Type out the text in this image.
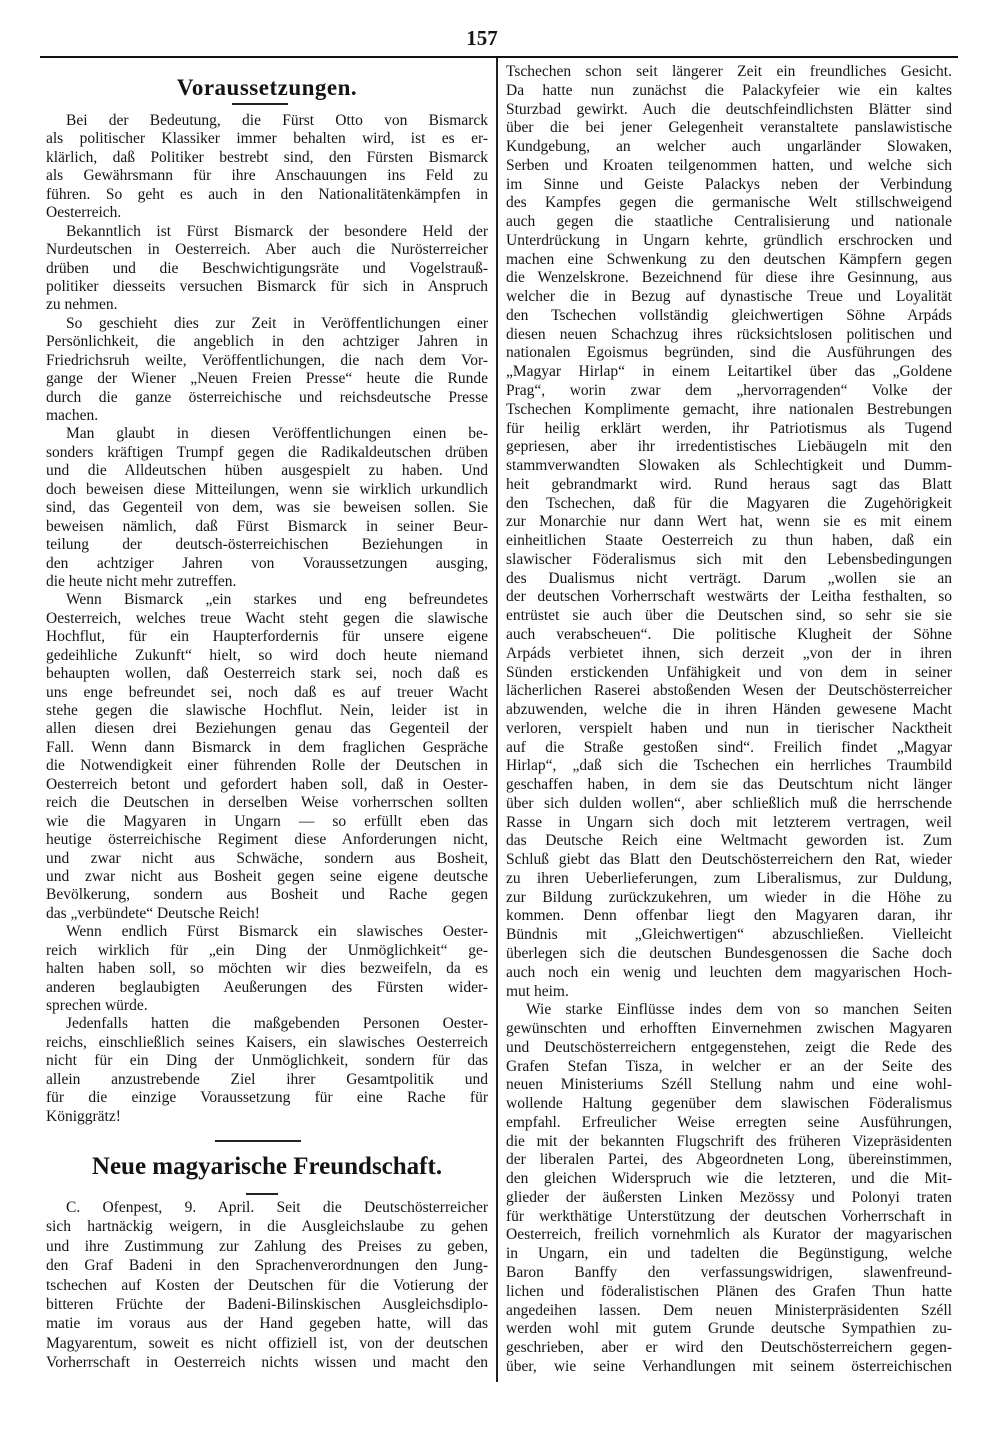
157
Voraussetzungen.
Bei der Bedeutung, die Fürst Otto von Bismarck
als politischer Klassiker immer behalten wird, ist es er-
klärlich, daß Politiker bestrebt sind, den Fürsten Bismarck
als Gewährsmann für ihre Anschauungen ins Feld zu
führen. So geht es auch in den Nationalitätenkämpfen in
Oesterreich.
Bekanntlich ist Fürst Bismarck der besondere Held der
Nurdeutschen in Oesterreich. Aber auch die Nurösterreicher
drüben und die Beschwichtigungsräte und Vogelstrauß-
politiker diesseits versuchen Bismarck für sich in Anspruch
zu nehmen.
So geschieht dies zur Zeit in Veröffentlichungen einer
Persönlichkeit, die angeblich in den achtziger Jahren in
Friedrichsruh weilte, Veröffentlichungen, die nach dem Vor-
gange der Wiener „Neuen Freien Presse“ heute die Runde
durch die ganze österreichische und reichsdeutsche Presse
machen.
Man glaubt in diesen Veröffentlichungen einen be-
sonders kräftigen Trumpf gegen die Radikaldeutschen drüben
und die Alldeutschen hüben ausgespielt zu haben. Und
doch beweisen diese Mitteilungen, wenn sie wirklich urkundlich
sind, das Gegenteil von dem, was sie beweisen sollen. Sie
beweisen nämlich, daß Fürst Bismarck in seiner Beur-
teilung der deutsch-österreichischen Beziehungen in
den achtziger Jahren von Voraussetzungen ausging,
die heute nicht mehr zutreffen.
Wenn Bismarck „ein starkes und eng befreundetes
Oesterreich, welches treue Wacht steht gegen die slawische
Hochflut, für ein Haupterfordernis für unsere eigene
gedeihliche Zukunft“ hielt, so wird doch heute niemand
behaupten wollen, daß Oesterreich stark sei, noch daß es
uns enge befreundet sei, noch daß es auf treuer Wacht
stehe gegen die slawische Hochflut. Nein, leider ist in
allen diesen drei Beziehungen genau das Gegenteil der
Fall. Wenn dann Bismarck in dem fraglichen Gespräche
die Notwendigkeit einer führenden Rolle der Deutschen in
Oesterreich betont und gefordert haben soll, daß in Oester-
reich die Deutschen in derselben Weise vorherrschen sollten
wie die Magyaren in Ungarn — so erfüllt eben das
heutige österreichische Regiment diese Anforderungen nicht,
und zwar nicht aus Schwäche, sondern aus Bosheit,
und zwar nicht aus Bosheit gegen seine eigene deutsche
Bevölkerung, sondern aus Bosheit und Rache gegen
das „verbündete“ Deutsche Reich!
Wenn endlich Fürst Bismarck ein slawisches Oester-
reich wirklich für „ein Ding der Unmöglichkeit“ ge-
halten haben soll, so möchten wir dies bezweifeln, da es
anderen beglaubigten Aeußerungen des Fürsten wider-
sprechen würde.
Jedenfalls hatten die maßgebenden Personen Oester-
reichs, einschließlich seines Kaisers, ein slawisches Oesterreich
nicht für ein Ding der Unmöglichkeit, sondern für das
allein anzustrebende Ziel ihrer Gesamtpolitik und
für die einzige Voraussetzung für eine Rache für
Königgrätz!
Neue magyarische Freundschaft.
C. Ofenpest, 9. April. Seit die Deutschösterreicher
sich hartnäckig weigern, in die Ausgleichslaube zu gehen
und ihre Zustimmung zur Zahlung des Preises zu geben,
den Graf Badeni in den Sprachenverordnungen den Jung-
tschechen auf Kosten der Deutschen für die Votierung der
bitteren Früchte der Badeni-Bilinskischen Ausgleichsdiplo-
matie im voraus aus der Hand gegeben hatte, will das
Magyarentum, soweit es nicht offiziell ist, von der deutschen
Vorherrschaft in Oesterreich nichts wissen und macht den
Tschechen schon seit längerer Zeit ein freundliches Gesicht.
Da hatte nun zunächst die Palackyfeier wie ein kaltes
Sturzbad gewirkt. Auch die deutschfeindlichsten Blätter sind
über die bei jener Gelegenheit veranstaltete panslawistische
Kundgebung, an welcher auch ungarländer Slowaken,
Serben und Kroaten teilgenommen hatten, und welche sich
im Sinne und Geiste Palackys neben der Verbindung
des Kampfes gegen die germanische Welt stillschweigend
auch gegen die staatliche Centralisierung und nationale
Unterdrückung in Ungarn kehrte, gründlich erschrocken und
machen eine Schwenkung zu den deutschen Kämpfern gegen
die Wenzelskrone. Bezeichnend für diese ihre Gesinnung, aus
welcher die in Bezug auf dynastische Treue und Loyalität
den Tschechen vollständig gleichwertigen Söhne Arpáds
diesen neuen Schachzug ihres rücksichtslosen politischen und
nationalen Egoismus begründen, sind die Ausführungen des
„Magyar Hirlap“ in einem Leitartikel über das „Goldene
Prag“, worin zwar dem „hervorragenden“ Volke der
Tschechen Komplimente gemacht, ihre nationalen Bestrebungen
für heilig erklärt werden, ihr Patriotismus als Tugend
gepriesen, aber ihr irredentistisches Liebäugeln mit den
stammverwandten Slowaken als Schlechtigkeit und Dumm-
heit gebrandmarkt wird. Rund heraus sagt das Blatt
den Tschechen, daß für die Magyaren die Zugehörigkeit
zur Monarchie nur dann Wert hat, wenn sie es mit einem
einheitlichen Staate Oesterreich zu thun haben, daß ein
slawischer Föderalismus sich mit den Lebensbedingungen
des Dualismus nicht verträgt. Darum „wollen sie an
der deutschen Vorherrschaft westwärts der Leitha festhalten, so
entrüstet sie auch über die Deutschen sind, so sehr sie sie
auch verabscheuen“. Die politische Klugheit der Söhne
Arpáds verbietet ihnen, sich derzeit „von der in ihren
Sünden erstickenden Unfähigkeit und von dem in seiner
lächerlichen Raserei abstoßenden Wesen der Deutschösterreicher
abzuwenden, welche die in ihren Händen gewesene Macht
verloren, verspielt haben und nun in tierischer Nacktheit
auf die Straße gestoßen sind“. Freilich findet „Magyar
Hirlap“, „daß sich die Tschechen ein herrliches Traumbild
geschaffen haben, in dem sie das Deutschtum nicht länger
über sich dulden wollen“, aber schließlich muß die herrschende
Rasse in Ungarn sich doch mit letzterem vertragen, weil
das Deutsche Reich eine Weltmacht geworden ist. Zum
Schluß giebt das Blatt den Deutschösterreichern den Rat, wieder
zu ihren Ueberlieferungen, zum Liberalismus, zur Duldung,
zur Bildung zurückzukehren, um wieder in die Höhe zu
kommen. Denn offenbar liegt den Magyaren daran, ihr
Bündnis mit „Gleichwertigen“ abzuschließen. Vielleicht
überlegen sich die deutschen Bundesgenossen die Sache doch
auch noch ein wenig und leuchten dem magyarischen Hoch-
mut heim.
Wie starke Einflüsse indes dem von so manchen Seiten
gewünschten und erhofften Einvernehmen zwischen Magyaren
und Deutschösterreichern entgegenstehen, zeigt die Rede des
Grafen Stefan Tisza, in welcher er an der Seite des
neuen Ministeriums Széll Stellung nahm und eine wohl-
wollende Haltung gegenüber dem slawischen Föderalismus
empfahl. Erfreulicher Weise erregten seine Ausführungen,
die mit der bekannten Flugschrift des früheren Vizepräsidenten
der liberalen Partei, des Abgeordneten Long, übereinstimmen,
den gleichen Widerspruch wie die letzteren, und die Mit-
glieder der äußersten Linken Mezössy und Polonyi traten
für werkthätige Unterstützung der deutschen Vorherrschaft in
Oesterreich, freilich vornehmlich als Kurator der magyarischen
in Ungarn, ein und tadelten die Begünstigung, welche
Baron Banffy den verfassungswidrigen, slawenfreund-
lichen und föderalistischen Plänen des Grafen Thun hatte
angedeihen lassen. Dem neuen Ministerpräsidenten Széll
werden wohl mit gutem Grunde deutsche Sympathien zu-
geschrieben, aber er wird den Deutschösterreichern gegen-
über, wie seine Verhandlungen mit seinem österreichischen
